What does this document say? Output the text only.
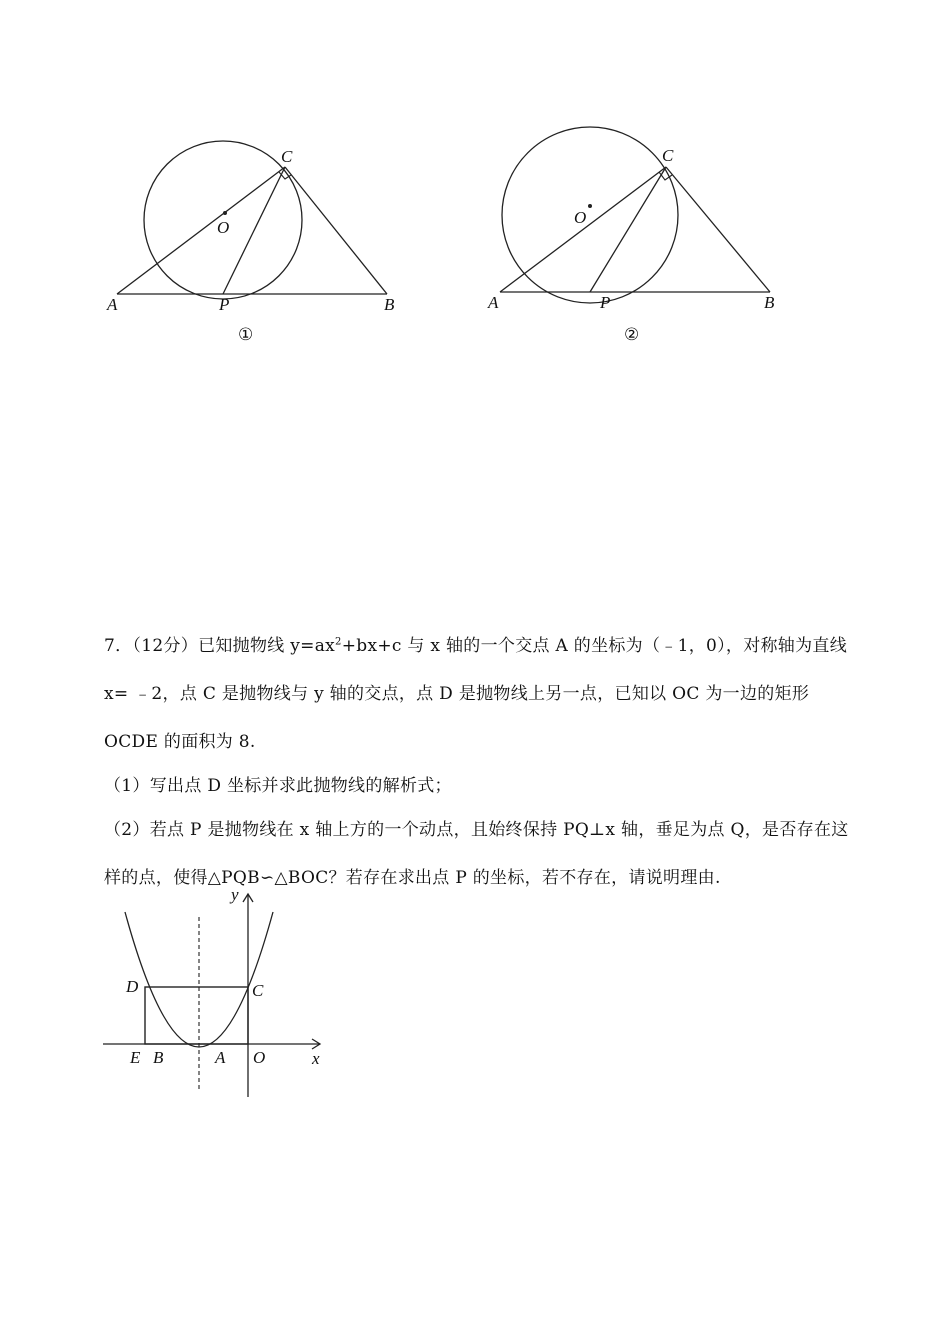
A	P	B
C
O
①
A	P	B
C
O
②

7．（12分）已知抛物线 $y=ax^2+bx+c$ 与 x 轴的一个交点 A 的坐标为（﹣1，0），对称轴为直线 x= ﹣2，点 C 是抛物线与 y 轴的交点，点 D 是抛物线上另一点，已知以 OC 为一边的矩形 OCDE 的面积为 8.

（1）写出点 D 坐标并求此抛物线的解析式；

（2）若点 P 是抛物线在 x 轴上方的一个动点，且始终保持 PQ⊥x 轴，垂足为点 Q，是否存在这样的点，使得△PQB∽△BOC？若存在求出点 P 的坐标，若不存在，请说明理由.

y
x
D	C
E B	A O
